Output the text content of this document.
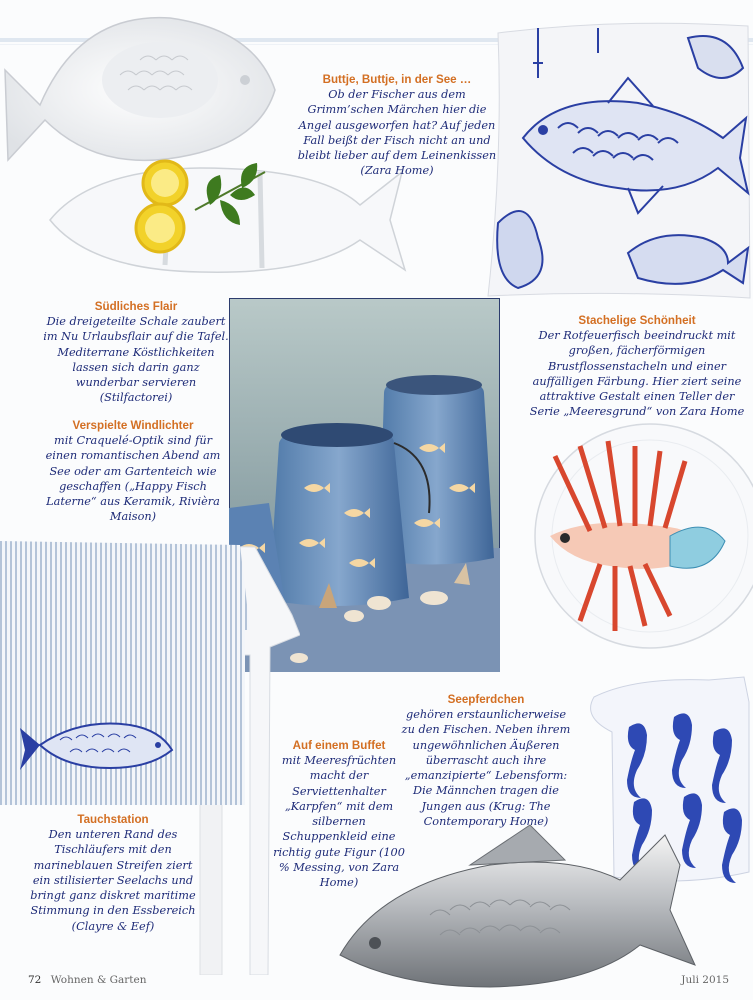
Buttje, Buttje, in der See …

Ob der Fischer aus dem Grimm’schen Märchen hier die Angel ausgeworfen hat? Auf jeden Fall beißt der Fisch nicht an und bleibt lieber auf dem Leinenkissen (Zara Home)

Südliches Flair

Die dreigeteilte Schale zaubert im Nu Urlaubsflair auf die Tafel. Mediterrane Köstlichkeiten lassen sich darin ganz wunderbar servieren (Stilfactorei)

Stachelige Schönheit

Der Rotfeuerfisch beeindruckt mit großen, fächerförmigen Brustflossenstacheln und einer auffälligen Färbung. Hier ziert seine attraktive Gestalt einen Teller der Serie „Meeresgrund“ von Zara Home

Verspielte Windlichter

mit Craquelé-Optik sind für einen romantischen Abend am See oder am Gartenteich wie geschaffen („Happy Fisch Laterne“ aus Keramik, Rivièra Maison)

Seepferdchen

gehören erstaunlicherweise zu den Fischen. Neben ihrem ungewöhnlichen Äußeren überrascht auch ihre „emanzipierte“ Lebensform: Die Männchen tragen die Jungen aus (Krug: The Contemporary Home)

Auf einem Buffet

mit Meeresfrüchten macht der Serviettenhalter „Karpfen“ mit dem silbernen Schuppenkleid eine richtig gute Figur (100 % Messing, von Zara Home)

Tauchstation

Den unteren Rand des Tischläufers mit den marineblauen Streifen ziert ein stilisierter Seelachs und bringt ganz diskret maritime Stimmung in den Essbereich (Clayre & Eef)

72 Wohnen & Garten	Juli 2015
